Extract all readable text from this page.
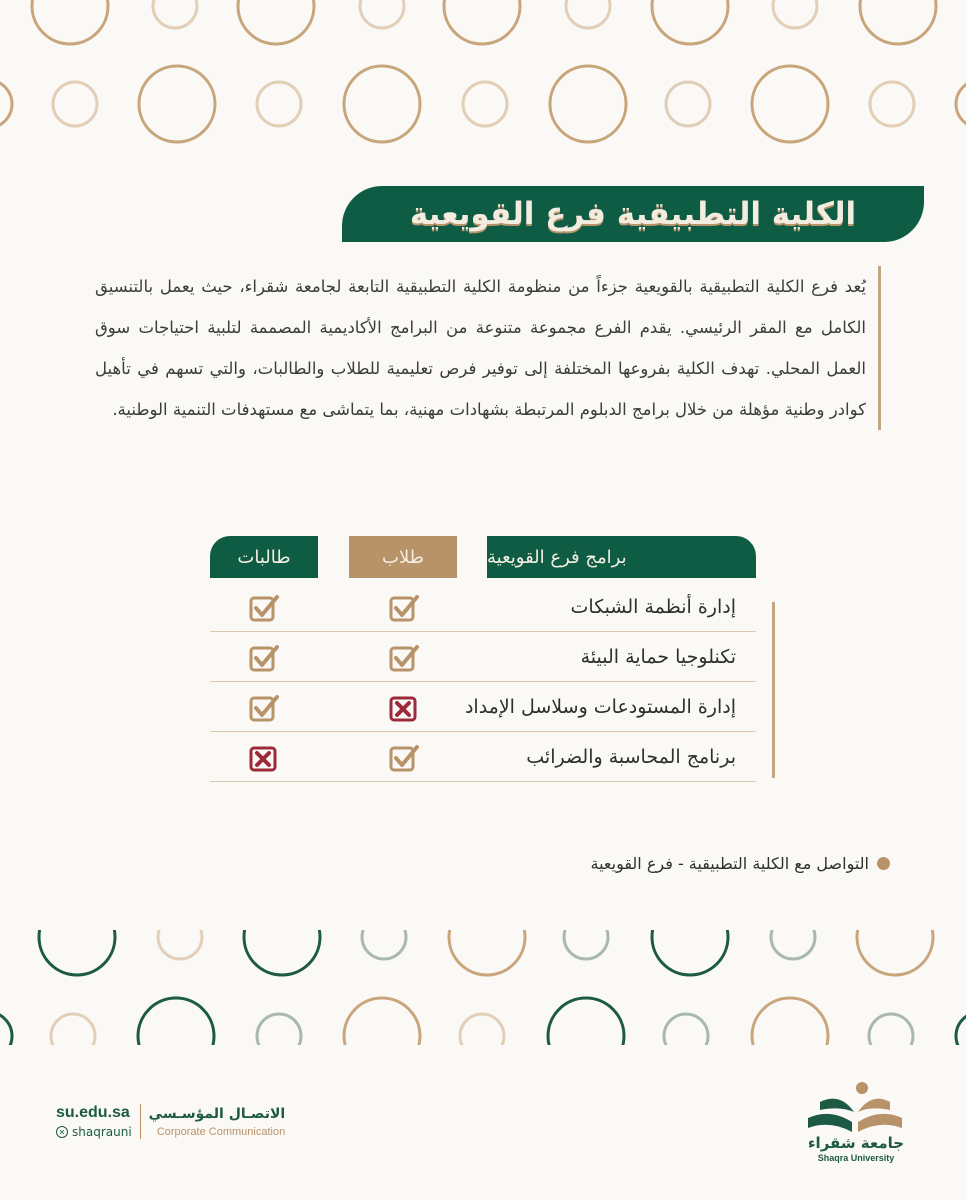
الكلية التطبيقية فرع القويعية

يُعد فرع الكلية التطبيقية بالقويعية جزءاً من منظومة الكلية التطبيقية التابعة لجامعة شقراء، حيث يعمل بالتنسيق الكامل مع المقر الرئيسي. يقدم الفرع مجموعة متنوعة من البرامج الأكاديمية المصممة لتلبية احتياجات سوق العمل المحلي. تهدف الكلية بفروعها المختلفة إلى توفير فرص تعليمية للطلاب والطالبات، والتي تسهم في تأهيل كوادر وطنية مؤهلة من خلال برامج الدبلوم المرتبطة بشهادات مهنية، بما يتماشى مع مستهدفات التنمية الوطنية.

برامج فرع القويعية
طلاب
طالبات
إدارة أنظمة الشبكات
تكنلوجيا حماية البيئة
إدارة المستودعات وسلاسل الإمداد
برنامج المحاسبة والضرائب
التواصل مع الكلية التطبيقية - فرع القويعية
su.edu.sa
✕ shaqrauni
الاتصـال المؤسـسي
Corporate Communication
جامعة شقراء
Shaqra University
